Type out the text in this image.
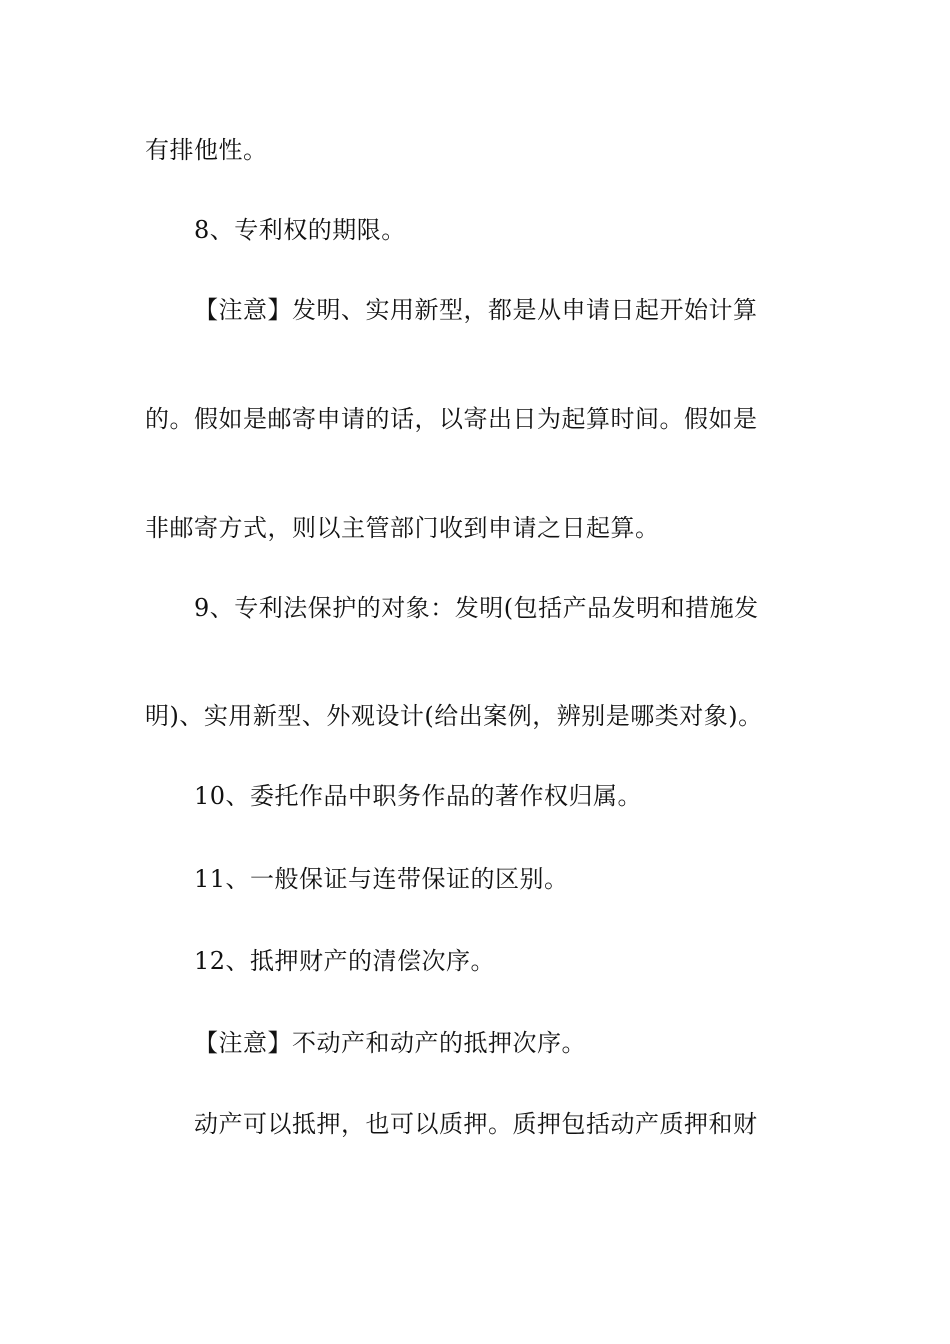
有排他性。
8、专利权的期限。
【注意】发明、实用新型，都是从申请日起开始计算
的。假如是邮寄申请的话，以寄出日为起算时间。假如是
非邮寄方式，则以主管部门收到申请之日起算。
9、专利法保护的对象：发明(包括产品发明和措施发
明)、实用新型、外观设计(给出案例，辨别是哪类对象)。
10、委托作品中职务作品的著作权归属。
11、一般保证与连带保证的区别。
12、抵押财产的清偿次序。
【注意】不动产和动产的抵押次序。
动产可以抵押，也可以质押。质押包括动产质押和财
